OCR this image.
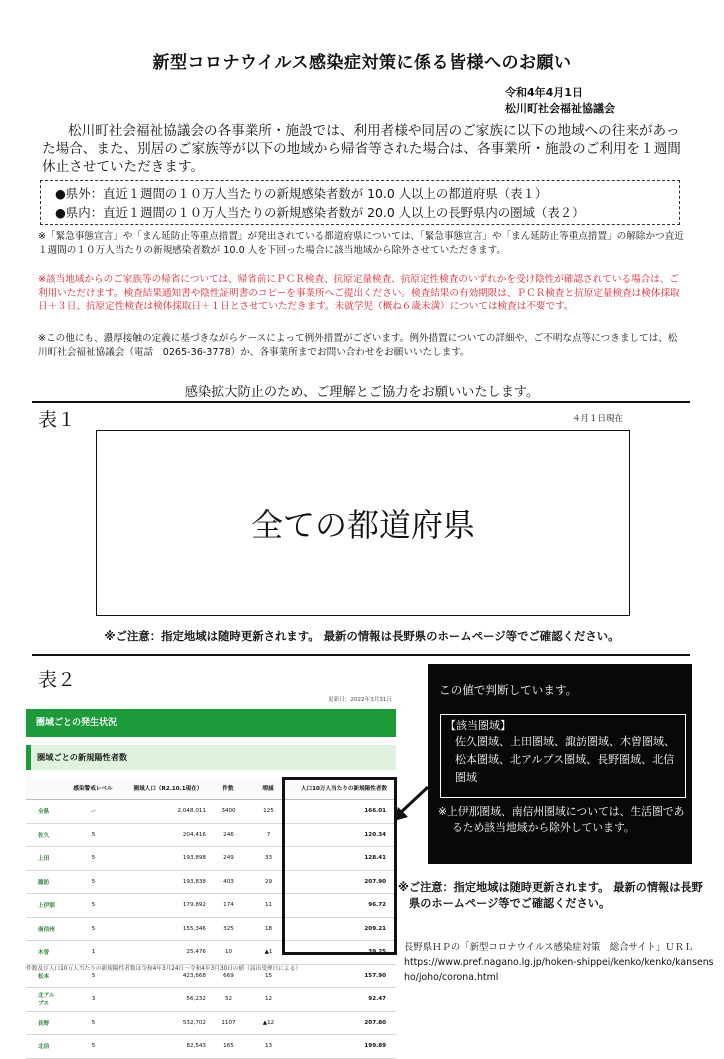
新型コロナウイルス感染症対策に係る皆様へのお願い
令和4年4月1日
松川町社会福祉協議会

松川町社会福祉協議会の各事業所・施設では、利用者様や同居のご家族に以下の地域への往来があった場合、また、別居のご家族等が以下の地域から帰省等された場合は、各事業所・施設のご利用を１週間休止させていただきます。

●県外：直近１週間の１０万人当たりの新規感染者数が 10.0 人以上の都道府県（表１）
●県内：直近１週間の１０万人当たりの新規感染者数が 20.0 人以上の長野県内の圏域（表２）
※「緊急事態宣言」や「まん延防止等重点措置」が発出されている都道府県については、「緊急事態宣言」や「まん延防止等重点措置」の解除かつ直近１週間の１０万人当たりの新規感染者数が 10.0 人を下回った場合に該当地域から除外させていただきます。
※該当地域からのご家族等の帰省については、帰省前にＰＣＲ検査、抗原定量検査、抗原定性検査のいずれかを受け陰性が確認されている場合は、ご利用いただけます。検査結果通知書や陰性証明書のコピーを事業所へご提出ください。検査結果の有効期限は、ＰＣＲ検査と抗原定量検査は検体採取日＋３日、抗原定性検査は検体採取日＋１日とさせていただきます。未就学児（概ね６歳未満）については検査は不要です。
※この他にも、濃厚接触の定義に基づきながらケースによって例外措置がございます。例外措置についての詳細や、ご不明な点等につきましては、松川町社会福祉協議会（電話　0265-36-3778）か、各事業所までお問い合わせをお願いいたします。
感染拡大防止のため、ご理解とご協力をお願いいたします。
表１	４月１日現在
全ての都道府県
※ご注意：指定地域は随時更新されます。 最新の情報は長野県のホームページ等でご確認ください。
表２
更新日：2022年3月31日
圏域ごとの発生状況
圏域ごとの新規陽性者数
	感染警戒レベル	圏域人口（R2.10.1現在）	件数	増減	人口10万人当たりの新規陽性者数
全県	ー	2,048,011	3400	125	166.01
佐久	5	204,416	246	7	120.34
上田	5	193,898	249	33	128.41
諏訪	5	193,838	403	29	207.90
上伊那	5	179,892	174	11	96.72
南信州	5	155,346	325	18	209.21
木曽	1	25,476	10	▲1	39.25
松本	5	423,668	669	15	157.90
北アルプス	3	56,232	52	12	92.47
長野	5	532,702	1107	▲12	207.80
北信	5	82,543	165	13	199.89
件数及び人口10万人当たりの新規陽性者数は令和4年3月24日～令和4年3月30日の値（届出受理日による）
この値で判断しています。
【該当圏域】
佐久圏域、上田圏域、諏訪圏域、木曽圏域、松本圏域、北アルプス圏域、長野圏域、北信圏域
※上伊那圏域、南信州圏域については、生活圏であるため該当地域から除外しています。
※ご注意：指定地域は随時更新されます。 最新の情報は長野県のホームページ等でご確認ください。
長野県ＨＰの「新型コロナウイルス感染症対策　総合サイト」ＵＲＬ
https://www.pref.nagano.lg.jp/hoken-shippei/kenko/kenko/kansensho/joho/corona.html
